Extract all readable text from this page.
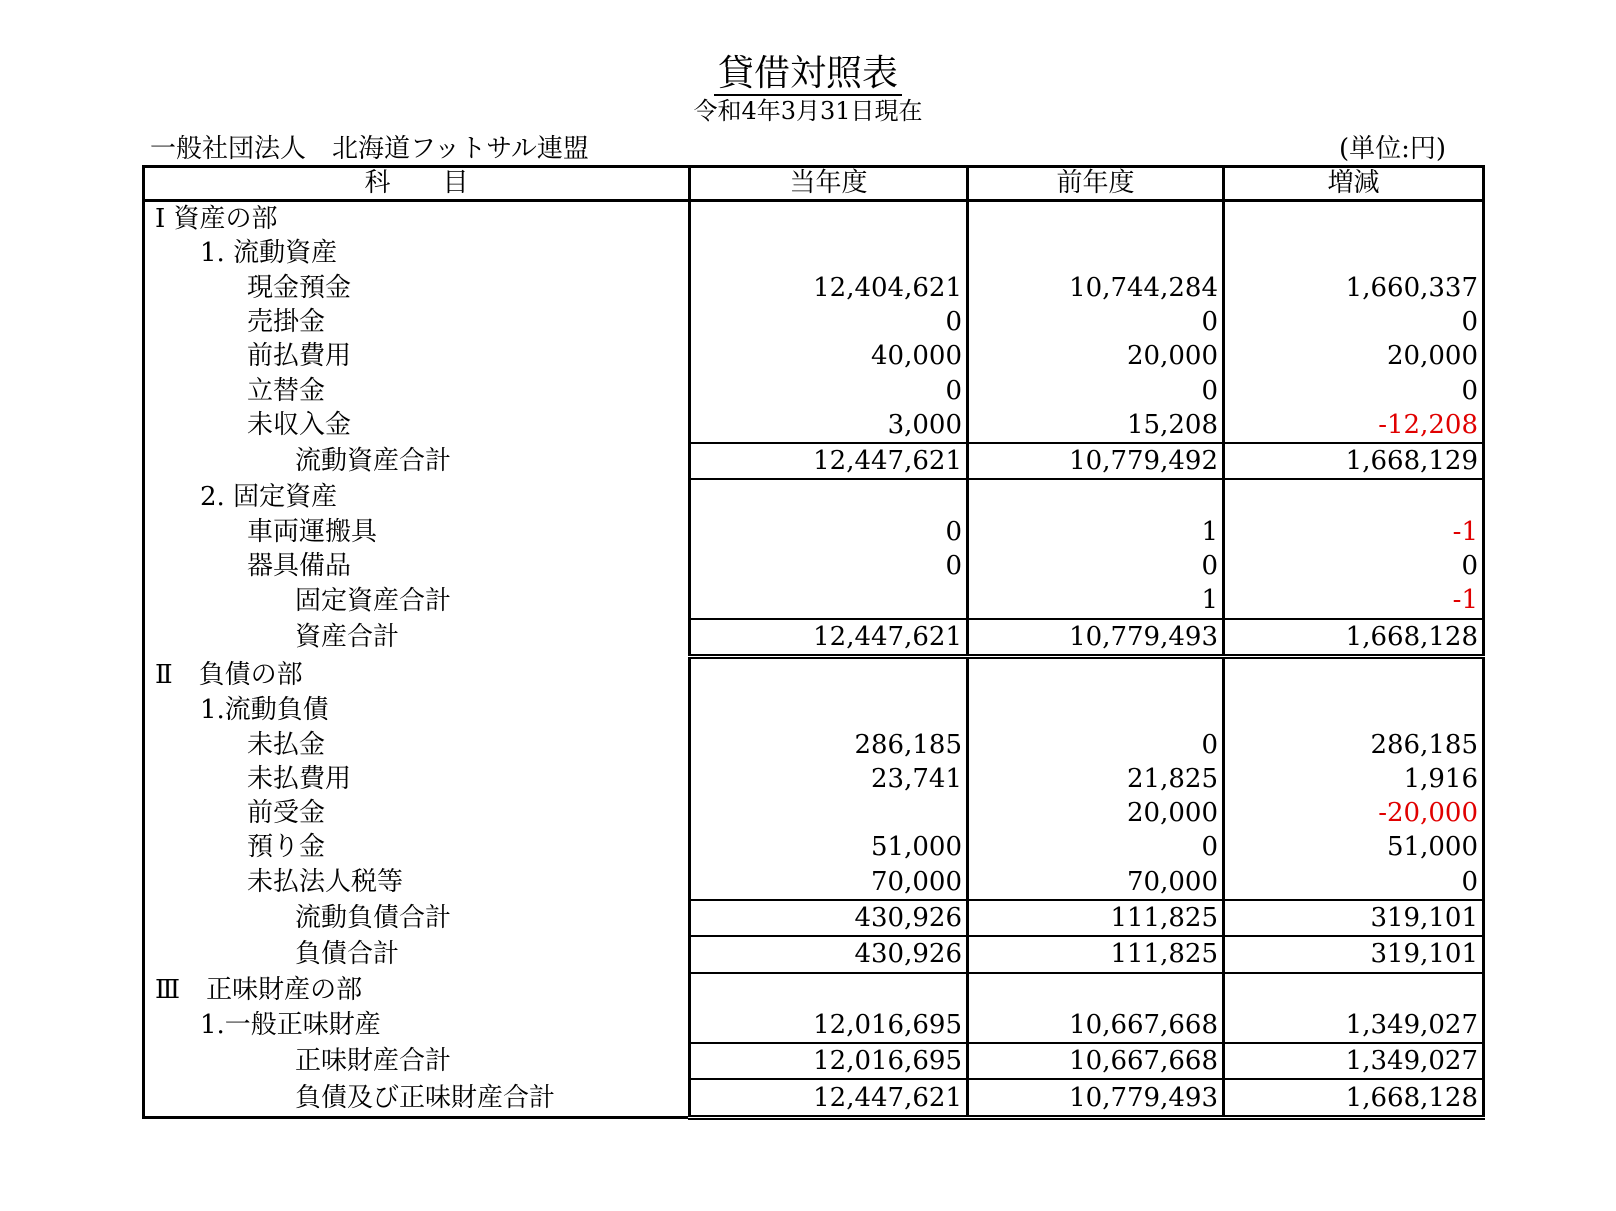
貸借対照表
令和4年3月31日現在
一般社団法人　北海道フットサル連盟	(単位:円)
科　　目	当年度	前年度	増減
Ⅰ 資産の部			
1. 流動資産			
現金預金	12,404,621	10,744,284	1,660,337
売掛金	0	0	0
前払費用	40,000	20,000	20,000
立替金	0	0	0
未収入金	3,000	15,208	-12,208
流動資産合計	12,447,621	10,779,492	1,668,129
2. 固定資産			
車両運搬具	0	1	-1
器具備品	0	0	0
固定資産合計		1	-1
資産合計	12,447,621	10,779,493	1,668,128
Ⅱ　負債の部			
1.流動負債			
未払金	286,185	0	286,185
未払費用	23,741	21,825	1,916
前受金		20,000	-20,000
預り金	51,000	0	51,000
未払法人税等	70,000	70,000	0
流動負債合計	430,926	111,825	319,101
負債合計	430,926	111,825	319,101
Ⅲ　正味財産の部			
1.一般正味財産	12,016,695	10,667,668	1,349,027
正味財産合計	12,016,695	10,667,668	1,349,027
負債及び正味財産合計	12,447,621	10,779,493	1,668,128
